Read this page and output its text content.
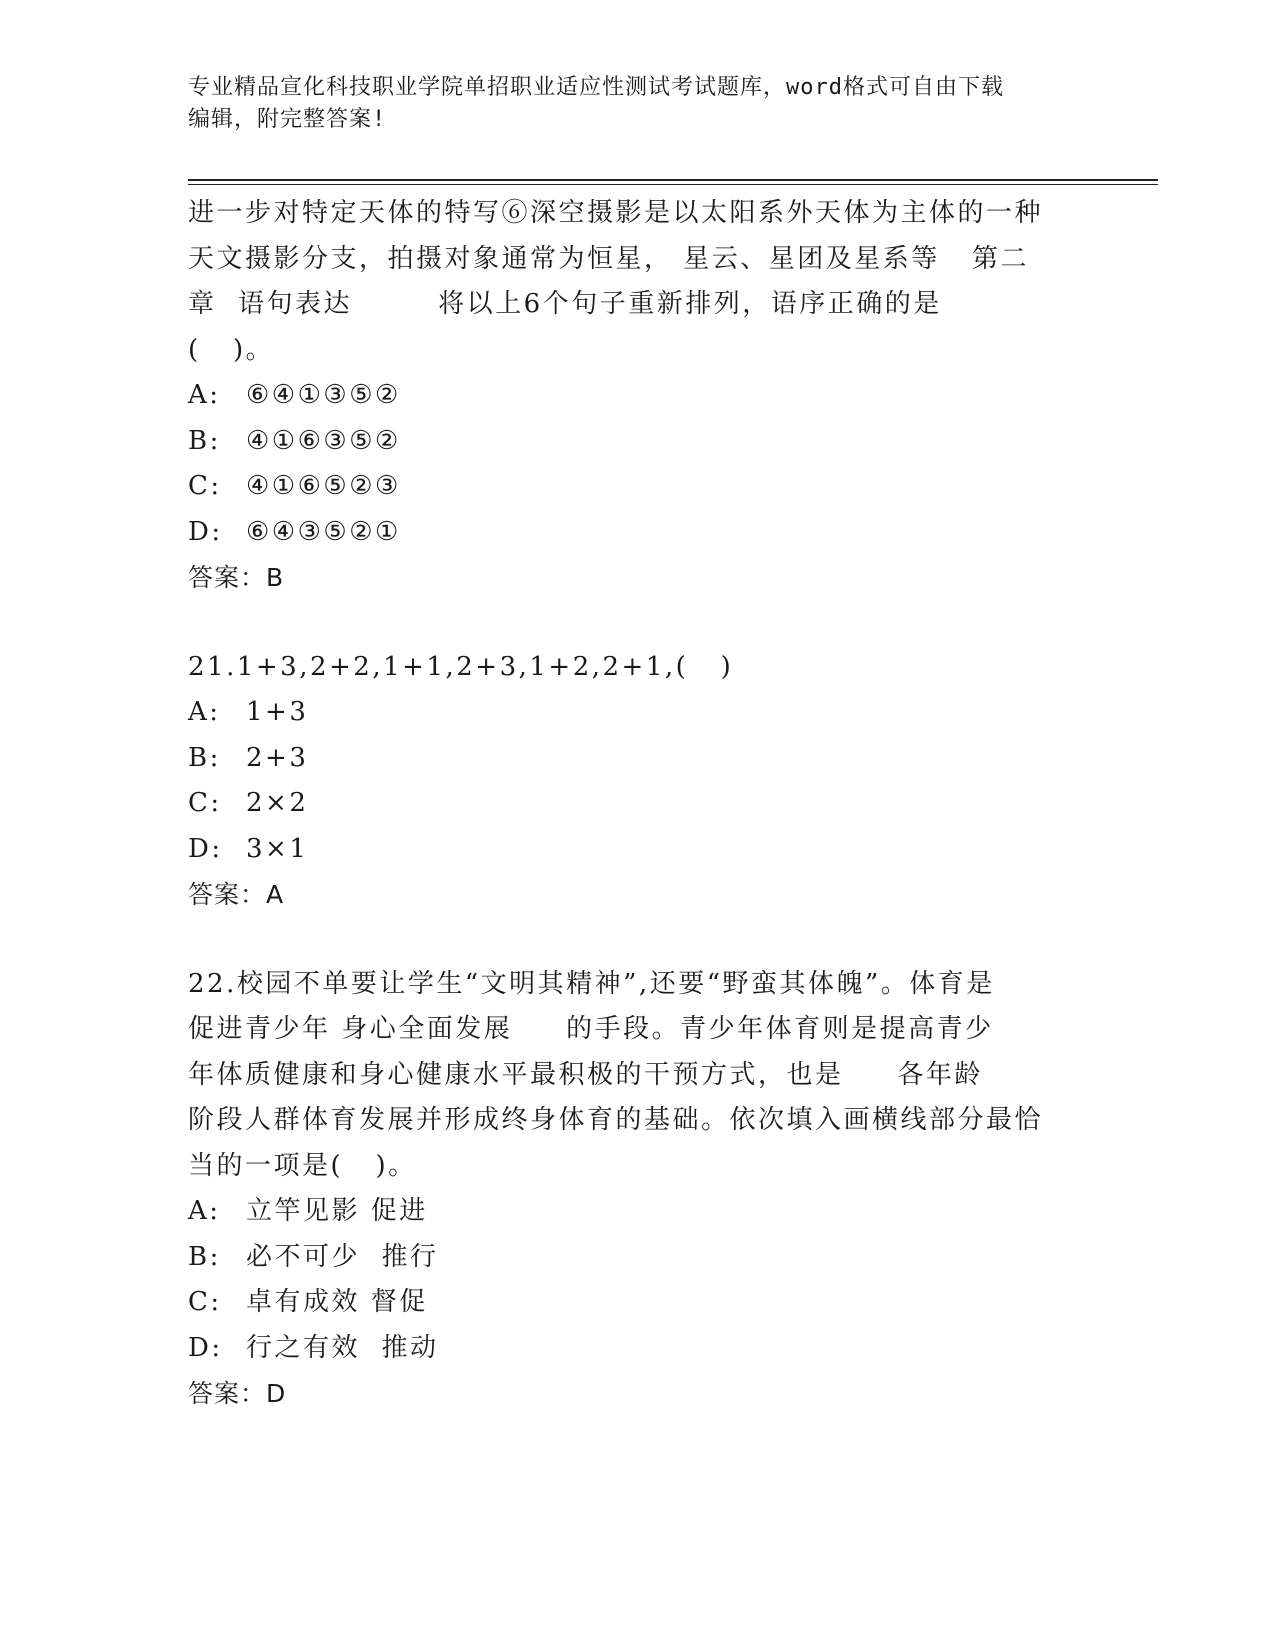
专业精品宣化科技职业学院单招职业适应性测试考试题库，word格式可自由下载
编辑，附完整答案!
进一步对特定天体的特写⑥深空摄影是以太阳系外天体为主体的一种
天文摄影分支，拍摄对象通常为恒星， 星云、星团及星系等   第二
章  语句表达        将以上6个句子重新排列，语序正确的是
(   )。
A: ⑥④①③⑤②
B: ④①⑥③⑤②
C: ④①⑥⑤②③
D: ⑥④③⑤②①
答案：B
21.1+3,2+2,1+1,2+3,1+2,2+1,(   )
A: 1+3
B: 2+3
C: 2×2
D: 3×1
答案：A
22.校园不单要让学生“文明其精神”,还要“野蛮其体魄”。体育是
促进青少年 身心全面发展     的手段。青少年体育则是提高青少
年体质健康和身心健康水平最积极的干预方式，也是     各年龄
阶段人群体育发展并形成终身体育的基础。依次填入画横线部分最恰
当的一项是(   )。
A: 立竿见影 促进
B: 必不可少  推行
C: 卓有成效 督促
D: 行之有效  推动
答案：D
